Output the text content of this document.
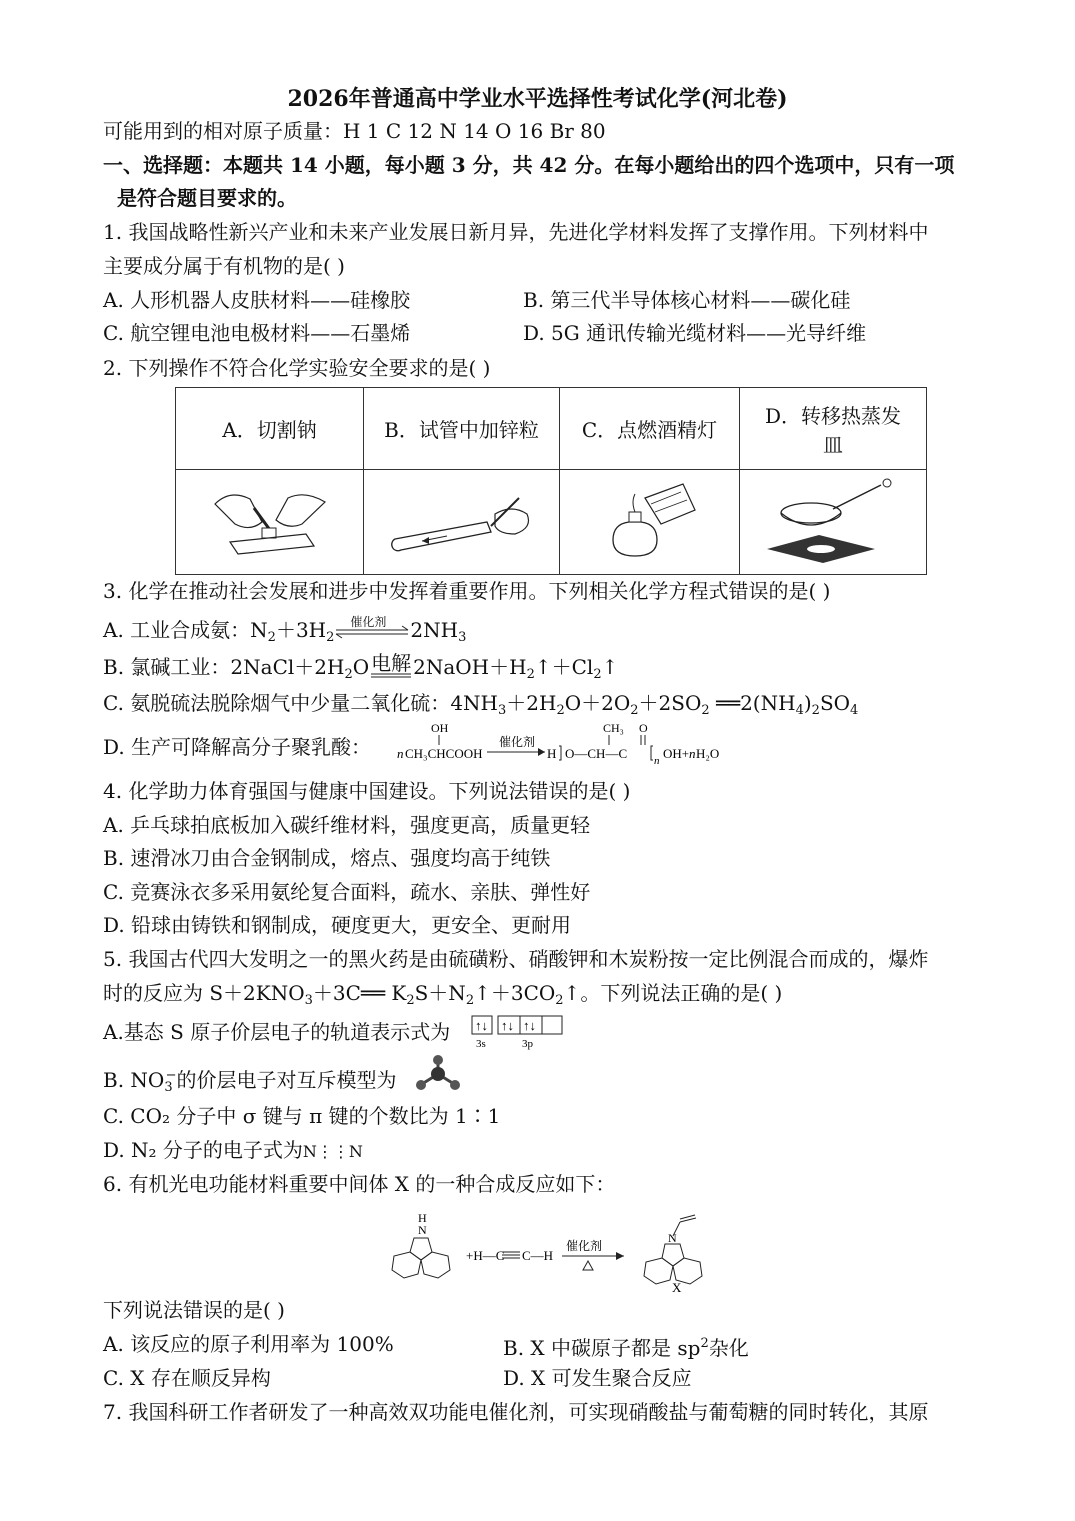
2026年普通高中学业水平选择性考试化学(河北卷)
可能用到的相对原子质量：H 1 C 12 N 14 O 16 Br 80
一、选择题：本题共 14 小题，每小题 3 分，共 42 分。在每小题给出的四个选项中，只有一项
是符合题目要求的。
1. 我国战略性新兴产业和未来产业发展日新月异，先进化学材料发挥了支撑作用。下列材料中
主要成分属于有机物的是( )
A. 人形机器人皮肤材料——硅橡胶	B. 第三代半导体核心材料——碳化硅
C. 航空锂电池电极材料——石墨烯	D. 5G 通讯传输光缆材料——光导纤维
2. 下列操作不符合化学实验安全要求的是( )
A．切割钠	B．试管中加锌粒	C．点燃酒精灯	D．转移热蒸发
皿

3. 化学在推动社会发展和进步中发挥着重要作用。下列相关化学方程式错误的是( )
A. 工业合成氨：$N_2+3H_2$
催化剂 $2NH_3$
B. 氯碱工业：$2NaCl+2H_2O$ 电解 $2NaOH+H_2↑+Cl_2↑$
C. 氨脱硫法脱除烟气中少量二氧化硫：$4NH_3+2H_2O+2O_2+2SO_2$ $══2(NH_4)_2SO_4$
D. 生产可降解高分子聚乳酸：
OH
n CH₃CHCOOH
催化剂
H O—CH—C
CH₃ O
n OH+ n H₂O
4. 化学助力体育强国与健康中国建设。下列说法错误的是( )
A. 乒乓球拍底板加入碳纤维材料，强度更高，质量更轻
B. 速滑冰刀由合金钢制成，熔点、强度均高于纯铁
C. 竞赛泳衣多采用氨纶复合面料，疏水、亲肤、弹性好
D. 铅球由铸铁和钢制成，硬度更大，更安全、更耐用
5. 我国古代四大发明之一的黑火药是由硫磺粉、硝酸钾和木炭粉按一定比例混合而成的，爆炸
时的反应为 $S+2KNO_3+3C══$ $K_2S+N_2↑+3CO_2↑$。下列说法正确的是( )
A.基态 S 原子价层电子的轨道表示式为 ↑↓ ↑↓ ↑↓
3s	3p
B. $NO_3^-$的价层电子对互斥模型为
C. CO₂ 分子中 σ 键与 π 键的个数比为 1∶1
D. N₂ 分子的电子式为N⋮⋮N
6. 有机光电功能材料重要中间体 X 的一种合成反应如下：
H
N
+H—C C—H
催化剂
N
X
下列说法错误的是( )
A. 该反应的原子利用率为 100%	B. X 中碳原子都是 $sp^2$杂化
C. X 存在顺反异构	D. X 可发生聚合反应
7. 我国科研工作者研发了一种高效双功能电催化剂，可实现硝酸盐与葡萄糖的同时转化，其原
